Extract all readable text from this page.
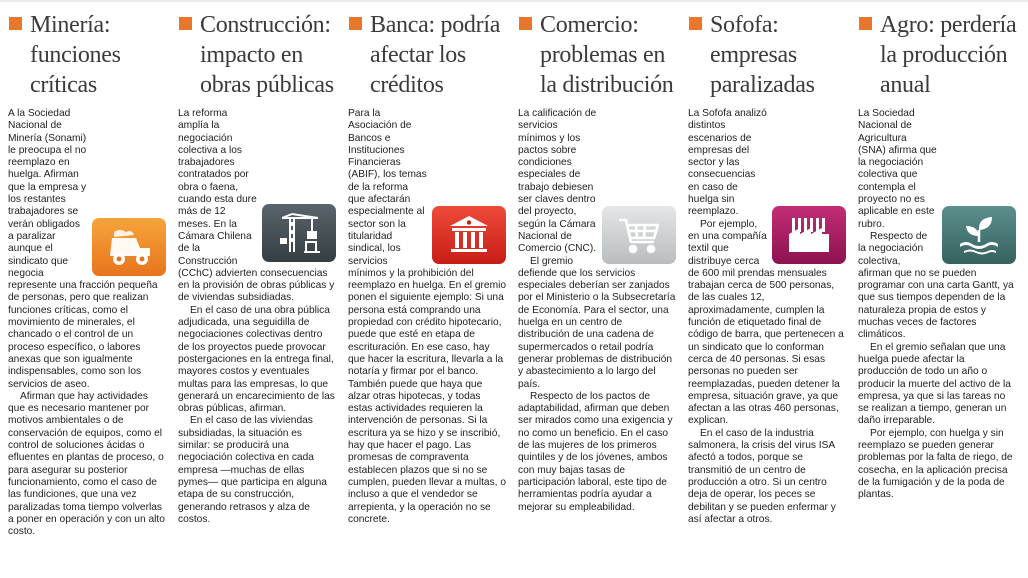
Minería:
funciones
críticas

A la Sociedad Nacional de Minería (Sonami) le preocupa el no reemplazo en huelga. Afirman que la empresa y los restantes trabajadores se verán obligados a paralizar aunque el sindicato que negocia represente una fracción pequeña de personas, pero que realizan funciones críticas, como el movimiento de minerales, el chancado o el control de un proceso específico, o labores anexas que son igualmente indispensables, como son los servicios de aseo.

Afirman que hay actividades que es necesario mantener por motivos ambientales o de conservación de equipos, como el control de soluciones ácidas o efluentes en plantas de proceso, o para asegurar su posterior funcionamiento, como el caso de las fundiciones, que una vez paralizadas toma tiempo volverlas a poner en operación y con un alto costo.

Construcción:
impacto en
obras públicas

La reforma amplía la negociación colectiva a los trabajadores contratados por obra o faena, cuando esta dure más de 12 meses. En la Cámara Chilena de la Construcción (CChC) advierten consecuencias en la provisión de obras públicas y de viviendas subsidiadas.

En el caso de una obra pública adjudicada, una seguidilla de negociaciones colectivas dentro de los proyectos puede provocar postergaciones en la entrega final, mayores costos y eventuales multas para las empresas, lo que generará un encarecimiento de las obras públicas, afirman.

En el caso de las viviendas subsidiadas, la situación es similar: se producirá una negociación colectiva en cada empresa —muchas de ellas pymes— que participa en alguna etapa de su construcción, generando retrasos y alza de costos.

Banca: podría
afectar los
créditos

Para la Asociación de Bancos e Instituciones Financieras (ABIF), los temas de la reforma que afectarán especialmente al sector son la titularidad sindical, los servicios mínimos y la prohibición del reemplazo en huelga. En el gremio ponen el siguiente ejemplo: Si una persona está comprando una propiedad con crédito hipotecario, puede que esté en etapa de escrituración. En ese caso, hay que hacer la escritura, llevarla a la notaría y firmar por el banco. También puede que haya que alzar otras hipotecas, y todas estas actividades requieren la intervención de personas. Si la escritura ya se hizo y se inscribió, hay que hacer el pago. Las promesas de compraventa establecen plazos que si no se cumplen, pueden llevar a multas, o incluso a que el vendedor se arrepienta, y la operación no se concrete.

Comercio:
problemas en
la distribución

La calificación de servicios mínimos y los pactos sobre condiciones especiales de trabajo debiesen ser claves dentro del proyecto, según la Cámara Nacional de Comercio (CNC).

El gremio defiende que los servicios especiales deberían ser zanjados por el Ministerio o la Subsecretaría de Economía. Para el sector, una huelga en un centro de distribución de una cadena de supermercados o retail podría generar problemas de distribución y abastecimiento a lo largo del país.

Respecto de los pactos de adaptabilidad, afirman que deben ser mirados como una exigencia y no como un beneficio. En el caso de las mujeres de los primeros quintiles y de los jóvenes, ambos con muy bajas tasas de participación laboral, este tipo de herramientas podría ayudar a mejorar su empleabilidad.

Sofofa:
empresas
paralizadas

La Sofofa analizó distintos escenarios de empresas del sector y las consecuencias en caso de huelga sin reemplazo.

Por ejemplo, en una compañía textil que distribuye cerca de 600 mil prendas mensuales trabajan cerca de 500 personas, de las cuales 12, aproximadamente, cumplen la función de etiquetado final de código de barra, que pertenecen a un sindicato que lo conforman cerca de 40 personas. Si esas personas no pueden ser reemplazadas, pueden detener la empresa, situación grave, ya que afectan a las otras 460 personas, explican.

En el caso de la industria salmonera, la crisis del virus ISA afectó a todos, porque se transmitió de un centro de producción a otro. Si un centro deja de operar, los peces se debilitan y se pueden enfermar y así afectar a otros.

Agro: perdería
la producción
anual

La Sociedad Nacional de Agricultura (SNA) afirma que la negociación colectiva que contempla el proyecto no es aplicable en este rubro.

Respecto de la negociación colectiva, afirman que no se pueden programar con una carta Gantt, ya que sus tiempos dependen de la naturaleza propia de estos y muchas veces de factores climáticos.

En el gremio señalan que una huelga puede afectar la producción de todo un año o producir la muerte del activo de la empresa, ya que si las tareas no se realizan a tiempo, generan un daño irreparable.

Por ejemplo, con huelga y sin reemplazo se pueden generar problemas por la falta de riego, de cosecha, en la aplicación precisa de la fumigación y de la poda de plantas.
